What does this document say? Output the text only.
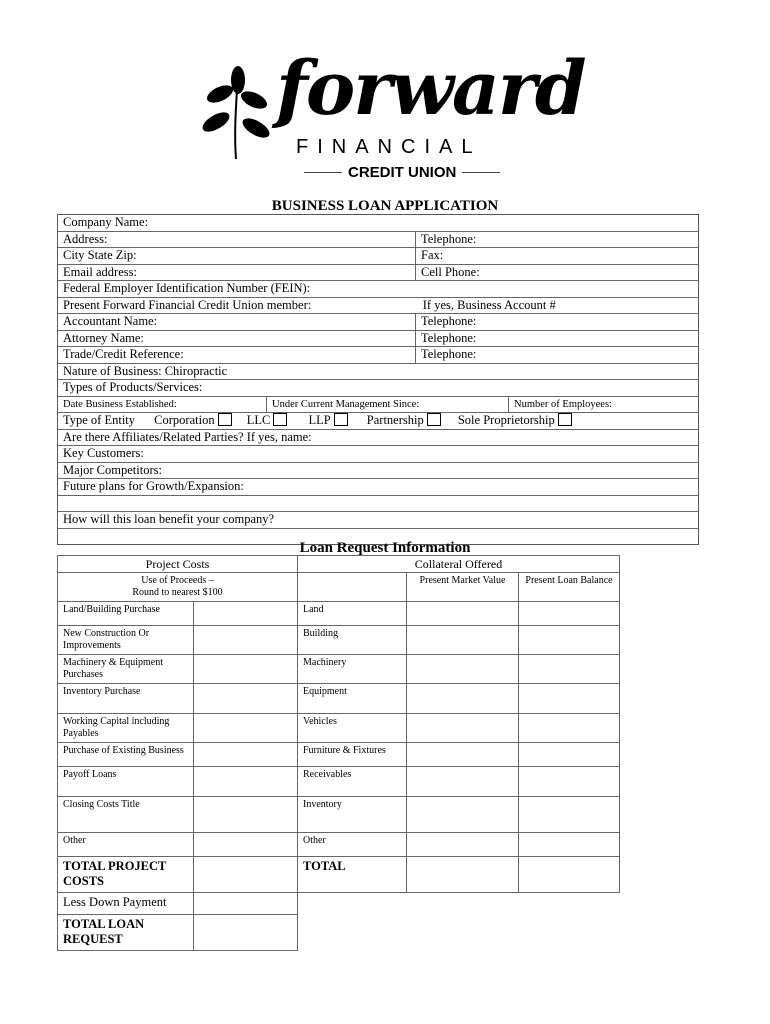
forward
FINANCIAL
CREDIT UNION
BUSINESS LOAN APPLICATION
Company Name:
Address:	Telephone:
City State Zip:	Fax:
Email address:	Cell Phone:
Federal Employer Identification Number (FEIN):
Present Forward Financial Credit Union member:	If yes, Business Account #
Accountant Name:	Telephone:
Attorney Name:	Telephone:
Trade/Credit Reference:	Telephone:
Nature of Business: Chiropractic
Types of Products/Services:
Date Business Established:	Under Current Management Since:	Number of Employees:
Type of Entity Corporation	LLC	LLP	Partnership	Sole Proprietorship
Are there Affiliates/Related Parties? If yes, name:
Key Customers:
Major Competitors:
Future plans for Growth/Expansion:
How will this loan benefit your company?
Loan Request Information
Project Costs		Collateral Offered		
Use of Proceeds –
Round to nearest $100			Present Market Value	Present Loan Balance
Land/Building Purchase		Land		
New Construction Or Improvements		Building		
Machinery & Equipment Purchases		Machinery		
Inventory Purchase		Equipment		
Working Capital including Payables		Vehicles		
Purchase of Existing Business		Furniture & Fixtures		
Payoff Loans		Receivables		
Closing Costs Title		Inventory		
Other		Other		
TOTAL PROJECT COSTS		TOTAL		
Less Down Payment				
TOTAL LOAN REQUEST				
